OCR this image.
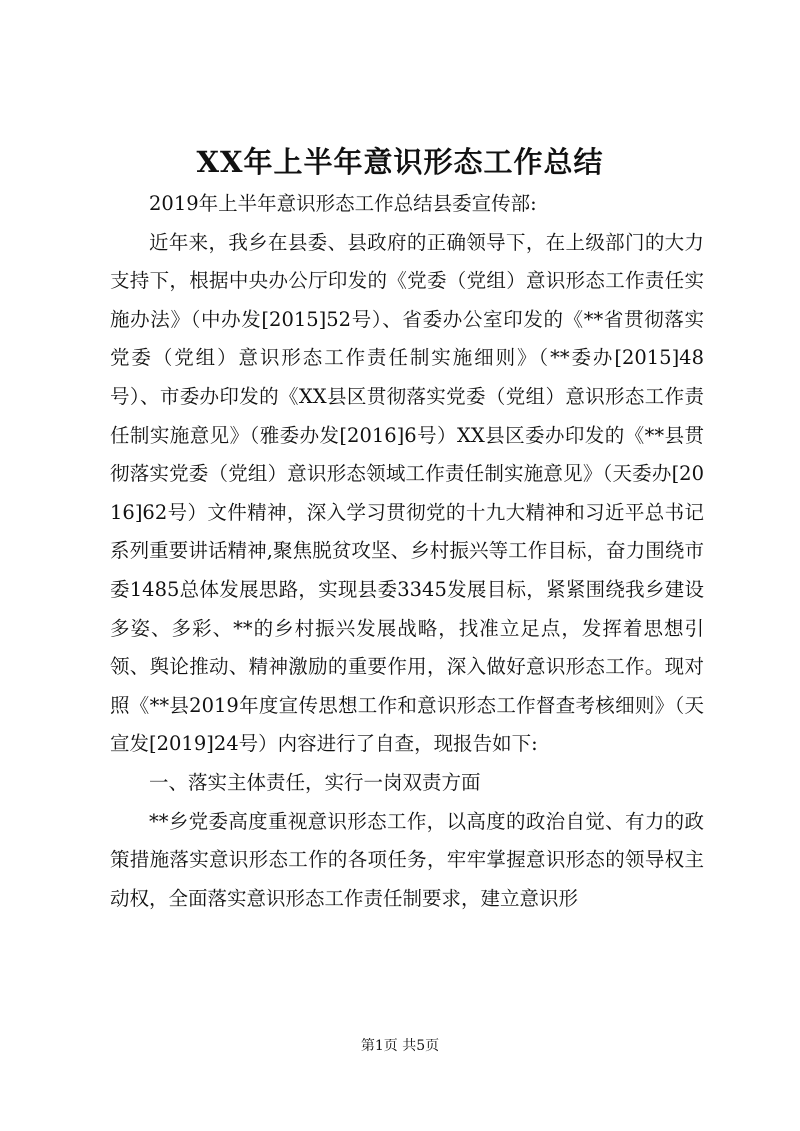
XX年上半年意识形态工作总结

2019年上半年意识形态工作总结县委宣传部:

近年来，我乡在县委、县政府的正确领导下，在上级部门的大力支持下，根据中央办公厅印发的《党委（党组）意识形态工作责任实施办法》（中办发[2015]52号）、省委办公室印发的《**省贯彻落实党委（党组）意识形态工作责任制实施细则》（**委办[2015]48号）、市委办印发的《XX县区贯彻落实党委（党组）意识形态工作责任制实施意见》（雅委办发[2016]6号）XX县区委办印发的《**县贯彻落实党委（党组）意识形态领域工作责任制实施意见》（天委办[2016]62号）文件精神，深入学习贯彻党的十九大精神和习近平总书记系列重要讲话精神,聚焦脱贫攻坚、乡村振兴等工作目标，奋力围绕市委1485总体发展思路，实现县委3345发展目标，紧紧围绕我乡建设多姿、多彩、**的乡村振兴发展战略，找准立足点，发挥着思想引领、舆论推动、精神激励的重要作用，深入做好意识形态工作。现对照《**县2019年度宣传思想工作和意识形态工作督查考核细则》（天宣发[2019]24号）内容进行了自查，现报告如下:

一、落实主体责任，实行一岗双责方面

**乡党委高度重视意识形态工作，以高度的政治自觉、有力的政策措施落实意识形态工作的各项任务，牢牢掌握意识形态的领导权主动权，全面落实意识形态工作责任制要求，建立意识形

第1页 共5页
